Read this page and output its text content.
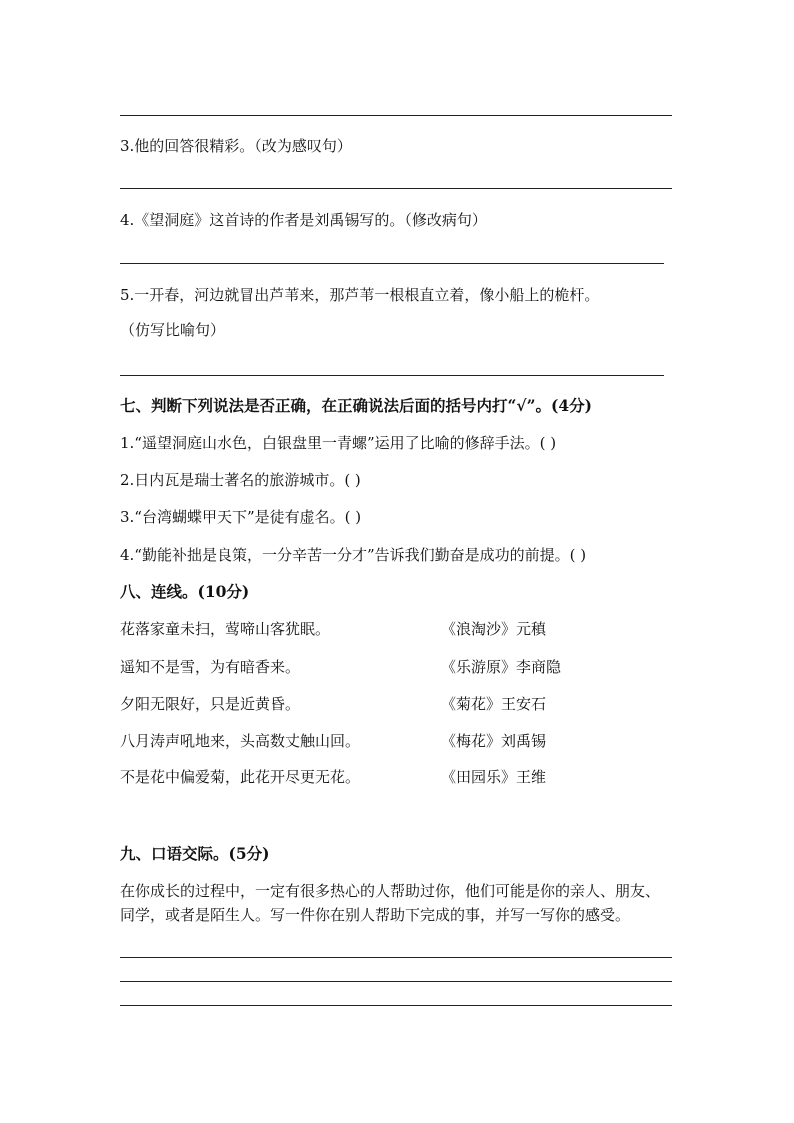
3.他的回答很精彩。（改为感叹句）
4.《望洞庭》这首诗的作者是刘禹锡写的。（修改病句）
5.一开春，河边就冒出芦苇来，那芦苇一根根直立着，像小船上的桅杆。
（仿写比喻句）
七、判断下列说法是否正确，在正确说法后面的括号内打“√”。(4分)
1.“遥望洞庭山水色，白银盘里一青螺”运用了比喻的修辞手法。( )
2.日内瓦是瑞士著名的旅游城市。( )
3.“台湾蝴蝶甲天下”是徒有虚名。( )
4.“勤能补拙是良策，一分辛苦一分才”告诉我们勤奋是成功的前提。( )
八、连线。(10分)
花落家童未扫，莺啼山客犹眠。	《浪淘沙》元稹
遥知不是雪，为有暗香来。	《乐游原》李商隐
夕阳无限好，只是近黄昏。	《菊花》王安石
八月涛声吼地来，头高数丈触山回。	《梅花》刘禹锡
不是花中偏爱菊，此花开尽更无花。	《田园乐》王维
九、口语交际。(5分)
在你成长的过程中，一定有很多热心的人帮助过你，他们可能是你的亲人、朋友、
同学，或者是陌生人。写一件你在别人帮助下完成的事，并写一写你的感受。
